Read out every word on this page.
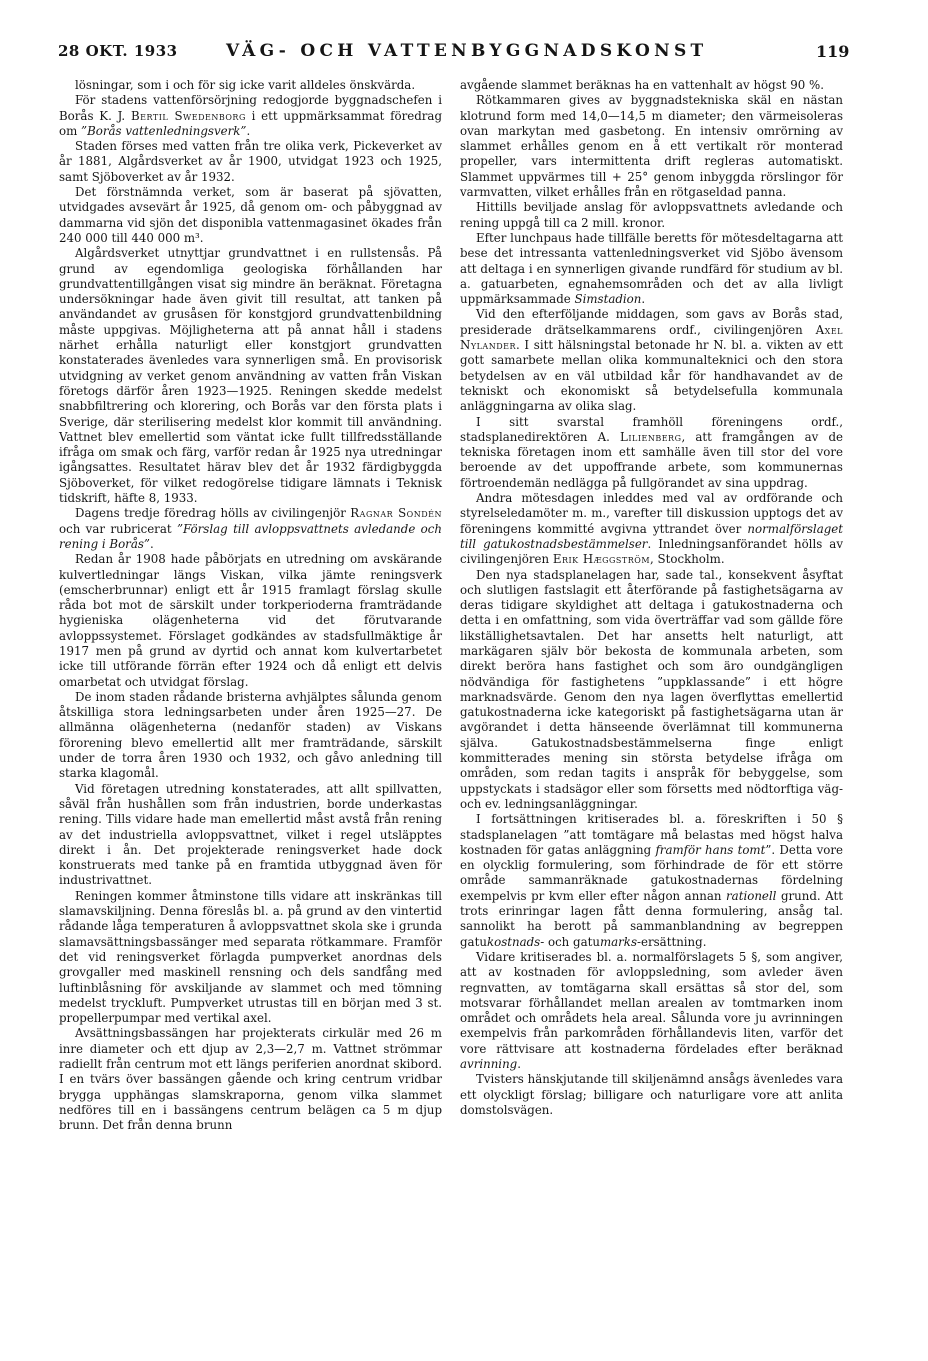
28 OKT. 1933	VÄG- OCH VATTENBYGGNADSKONST	119

lösningar, som i och för sig icke varit alldeles önskvärda.

För stadens vattenförsörjning redogjorde byggnadschefen i Borås K. J. Bertil Swedenborg i ett uppmärksammat föredrag om ”Borås vattenledningsverk”.

Staden förses med vatten från tre olika verk, Pickeverket av år 1881, Algårdsverket av år 1900, utvidgat 1923 och 1925, samt Sjöboverket av år 1932.

Det förstnämnda verket, som är baserat på sjövatten, utvidgades avsevärt år 1925, då genom om- och påbyggnad av dammarna vid sjön det disponibla vattenmagasinet ökades från 240 000 till 440 000 m³.

Algårdsverket utnyttjar grundvattnet i en rullstensås. På grund av egendomliga geologiska förhållanden har grundvattentillgången visat sig mindre än beräknat. Företagna undersökningar hade även givit till resultat, att tanken på användandet av grusåsen för konstgjord grundvattenbildning måste uppgivas. Möjligheterna att på annat håll i stadens närhet erhålla naturligt eller konstgjort grundvatten konstaterades ävenledes vara synnerligen små. En provisorisk utvidgning av verket genom användning av vatten från Viskan företogs därför åren 1923—1925. Reningen skedde medelst snabbfiltrering och klorering, och Borås var den första plats i Sverige, där sterilisering medelst klor kommit till användning. Vattnet blev emellertid som väntat icke fullt tillfredsställande ifråga om smak och färg, varför redan år 1925 nya utredningar igångsattes. Resultatet härav blev det år 1932 färdigbyggda Sjöboverket, för vilket redogörelse tidigare lämnats i Teknisk tidskrift, häfte 8, 1933.

Dagens tredje föredrag hölls av civilingenjör Ragnar Sondén och var rubricerat ”Förslag till avloppsvattnets avledande och rening i Borås”.

Redan år 1908 hade påbörjats en utredning om avskärande kulvertledningar längs Viskan, vilka jämte reningsverk (emscherbrunnar) enligt ett år 1915 framlagt förslag skulle råda bot mot de särskilt under torkperioderna framträdande hygieniska olägenheterna vid det förutvarande avloppssystemet. Förslaget godkändes av stadsfullmäktige år 1917 men på grund av dyrtid och annat kom kulvertarbetet icke till utförande förrän efter 1924 och då enligt ett delvis omarbetat och utvidgat förslag.

De inom staden rådande bristerna avhjälptes sålunda genom åtskilliga stora ledningsarbeten under åren 1925—27. De allmänna olägenheterna (nedanför staden) av Viskans förorening blevo emellertid allt mer framträdande, särskilt under de torra åren 1930 och 1932, och gåvo anledning till starka klagomål.

Vid företagen utredning konstaterades, att allt spillvatten, såväl från hushållen som från industrien, borde underkastas rening. Tills vidare hade man emellertid måst avstå från rening av det industriella avloppsvattnet, vilket i regel utsläpptes direkt i ån. Det projekterade reningsverket hade dock konstruerats med tanke på en framtida utbyggnad även för industrivattnet.

Reningen kommer åtminstone tills vidare att inskränkas till slamavskiljning. Denna föreslås bl. a. på grund av den vintertid rådande låga temperaturen å avloppsvattnet skola ske i grunda slamavsättningsbassänger med separata rötkammare. Framför det vid reningsverket förlagda pumpverket anordnas dels grovgaller med maskinell rensning och dels sandfång med luftinblåsning för avskiljande av slammet och med tömning medelst tryckluft. Pumpverket utrustas till en början med 3 st. propellerpumpar med vertikal axel.

Avsättningsbassängen har projekterats cirkulär med 26 m inre diameter och ett djup av 2,3—2,7 m. Vattnet strömmar radiellt från centrum mot ett längs periferien anordnat skibord. I en tvärs över bassängen gående och kring centrum vridbar brygga upphängas slamskraporna, genom vilka slammet nedföres till en i bassängens centrum belägen ca 5 m djup brunn. Det från denna brunn

avgående slammet beräknas ha en vattenhalt av högst 90 %.

Rötkammaren gives av byggnadstekniska skäl en nästan klotrund form med 14,0—14,5 m diameter; den värmeisoleras ovan markytan med gasbetong. En intensiv omrörning av slammet erhålles genom en å ett vertikalt rör monterad propeller, vars intermittenta drift regleras automatiskt. Slammet uppvärmes till + 25° genom inbyggda rörslingor för varmvatten, vilket erhålles från en rötgaseldad panna.

Hittills beviljade anslag för avloppsvattnets avledande och rening uppgå till ca 2 mill. kronor.

Efter lunchpaus hade tillfälle beretts för mötesdeltagarna att bese det intressanta vattenledningsverket vid Sjöbo ävensom att deltaga i en synnerligen givande rundfärd för studium av bl. a. gatuarbeten, egnahemsområden och det av alla livligt uppmärksammade Simstadion.

Vid den efterföljande middagen, som gavs av Borås stad, presiderade drätselkammarens ordf., civilingenjören Axel Nylander. I sitt hälsningstal betonade hr N. bl. a. vikten av ett gott samarbete mellan olika kommunalteknici och den stora betydelsen av en väl utbildad kår för handhavandet av de tekniskt och ekonomiskt så betydelsefulla kommunala anläggningarna av olika slag.

I sitt svarstal framhöll föreningens ordf., stadsplanedirektören A. Lilienberg, att framgången av de tekniska företagen inom ett samhälle även till stor del vore beroende av det uppoffrande arbete, som kommunernas förtroendemän nedlägga på fullgörandet av sina uppdrag.

Andra mötesdagen inleddes med val av ordförande och styrelseledamöter m. m., varefter till diskussion upptogs det av föreningens kommitté avgivna yttrandet över normalförslaget till gatukostnadsbestämmelser. Inledningsanförandet hölls av civilingenjören Erik Hæggström, Stockholm.

Den nya stadsplanelagen har, sade tal., konsekvent åsyftat och slutligen fastslagit ett återförande på fastighetsägarna av deras tidigare skyldighet att deltaga i gatukostnaderna och detta i en omfattning, som vida överträffar vad som gällde före likställighetsavtalen. Det har ansetts helt naturligt, att markägaren själv bör bekosta de kommunala arbeten, som direkt beröra hans fastighet och som äro oundgängligen nödvändiga för fastighetens ”uppklassande” i ett högre marknadsvärde. Genom den nya lagen överflyttas emellertid gatukostnaderna icke kategoriskt på fastighetsägarna utan är avgörandet i detta hänseende överlämnat till kommunerna själva. Gatukostnadsbestämmelserna finge enligt kommitterades mening sin största betydelse ifråga om områden, som redan tagits i anspråk för bebyggelse, som uppstyckats i stadsägor eller som försetts med nödtorftiga väg- och ev. ledningsanläggningar.

I fortsättningen kritiserades bl. a. föreskriften i 50 § stadsplanelagen ”att tomtägare må belastas med högst halva kostnaden för gatas anläggning framför hans tomt”. Detta vore en olycklig formulering, som förhindrade de för ett större område sammanräknade gatukostnadernas fördelning exempelvis pr kvm eller efter någon annan rationell grund. Att trots erinringar lagen fått denna formulering, ansåg tal. sannolikt ha berott på sammanblandning av begreppen gatukostnads- och gatumarks-ersättning.

Vidare kritiserades bl. a. normalförslagets 5 §, som angiver, att av kostnaden för avloppsledning, som avleder även regnvatten, av tomtägarna skall ersättas så stor del, som motsvarar förhållandet mellan arealen av tomtmarken inom området och områdets hela areal. Sålunda vore ju avrinningen exempelvis från parkområden förhållandevis liten, varför det vore rättvisare att kostnaderna fördelades efter beräknad avrinning.

Tvisters hänskjutande till skiljenämnd ansågs ävenledes vara ett olyckligt förslag; billigare och naturligare vore att anlita domstolsvägen.
